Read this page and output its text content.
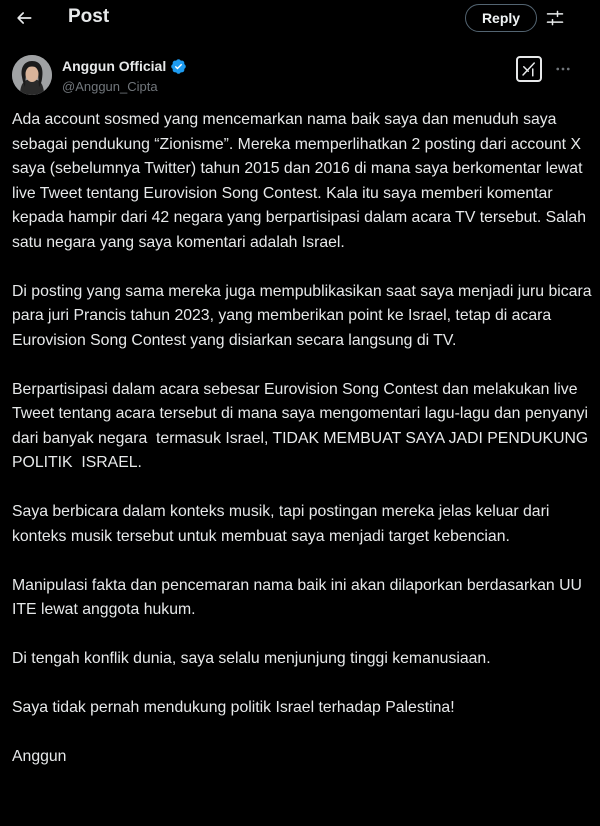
Post	Reply
Anggun Official
@Anggun_Cipta

Ada account sosmed yang mencemarkan nama baik saya dan menuduh saya sebagai pendukung “Zionisme”. Mereka memperlihatkan 2 posting dari account X saya (sebelumnya Twitter) tahun 2015 dan 2016 di mana saya berkomentar lewat live Tweet tentang Eurovision Song Contest. Kala itu saya memberi komentar kepada hampir dari 42 negara yang berpartisipasi dalam acara TV tersebut. Salah satu negara yang saya komentari adalah Israel.

Di posting yang sama mereka juga mempublikasikan saat saya menjadi juru bicara para juri Prancis tahun 2023, yang memberikan point ke Israel, tetap di acara Eurovision Song Contest yang disiarkan secara langsung di TV.

Berpartisipasi dalam acara sebesar Eurovision Song Contest dan melakukan live Tweet tentang acara tersebut di mana saya mengomentari lagu-lagu dan penyanyi dari banyak negara  termasuk Israel, TIDAK MEMBUAT SAYA JADI PENDUKUNG POLITIK  ISRAEL.

Saya berbicara dalam konteks musik, tapi postingan mereka jelas keluar dari konteks musik tersebut untuk membuat saya menjadi target kebencian.

Manipulasi fakta dan pencemaran nama baik ini akan dilaporkan berdasarkan UU ITE lewat anggota hukum.

Di tengah konflik dunia, saya selalu menjunjung tinggi kemanusiaan.

Saya tidak pernah mendukung politik Israel terhadap Palestina!

Anggun
